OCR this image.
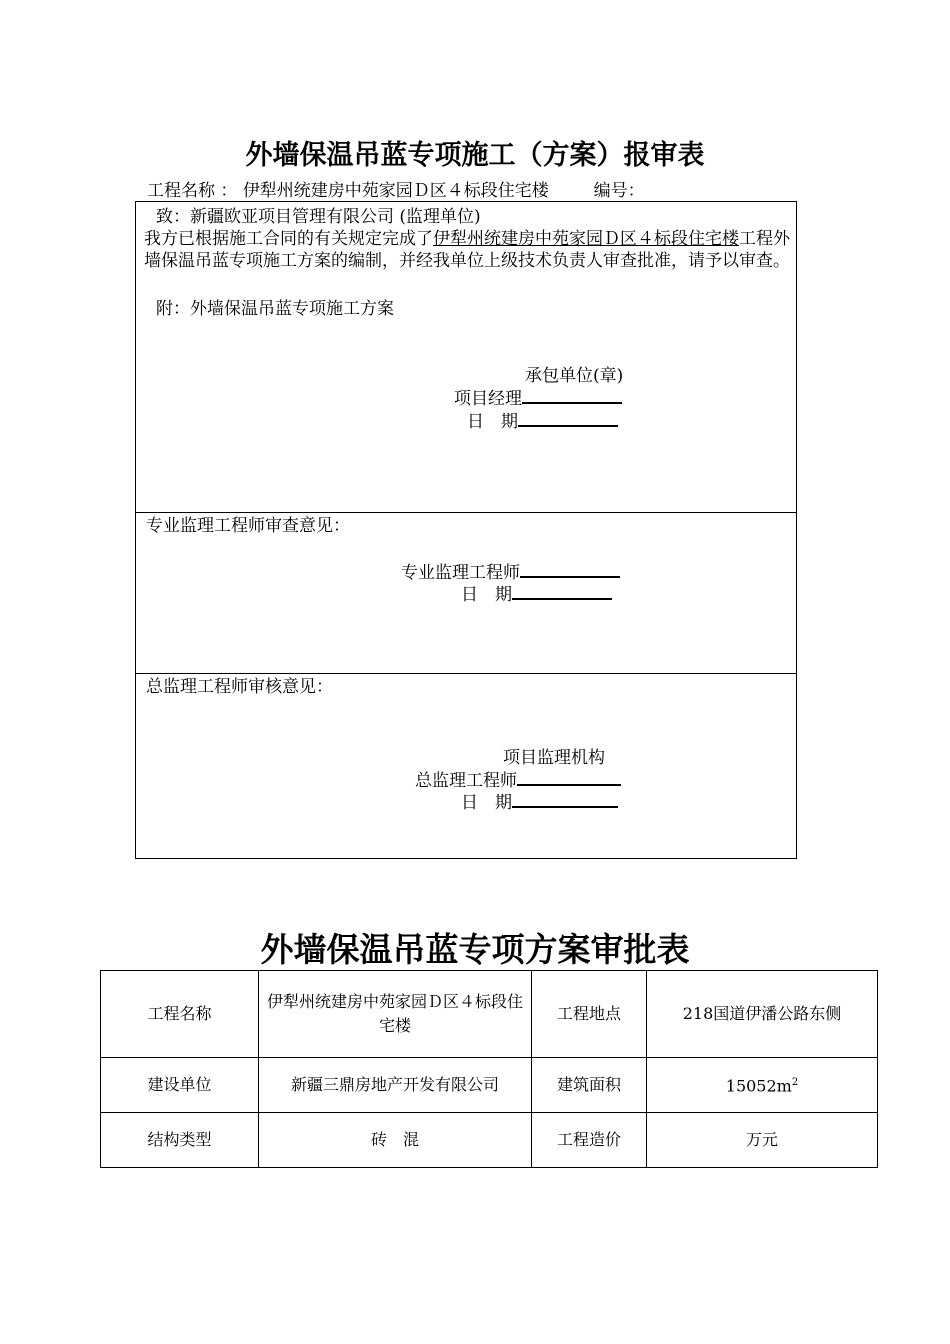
外墙保温吊蓝专项施工（方案）报审表
工程名称 ： 伊犁州统建房中苑家园Ｄ区４标段住宅楼	编号：
致：新疆欧亚项目管理有限公司 (监理单位)
我方已根据施工合同的有关规定完成了伊犁州统建房中苑家园Ｄ区４标段住宅楼工程外墙保温吊蓝专项施工方案的编制，并经我单位上级技术负责人审查批准，请予以审查。
附：外墙保温吊蓝专项施工方案
承包单位(章)
项目经理
日　期
专业监理工程师审查意见：
专业监理工程师
日　期
总监理工程师审核意见：
项目监理机构
总监理工程师
日　期
外墙保温吊蓝专项方案审批表
工程名称	伊犁州统建房中苑家园Ｄ区４标段住宅楼	工程地点	218国道伊潘公路东侧
建设单位	新疆三鼎房地产开发有限公司	建筑面积	$15052m^2$
结构类型	砖　混	工程造价	万元
